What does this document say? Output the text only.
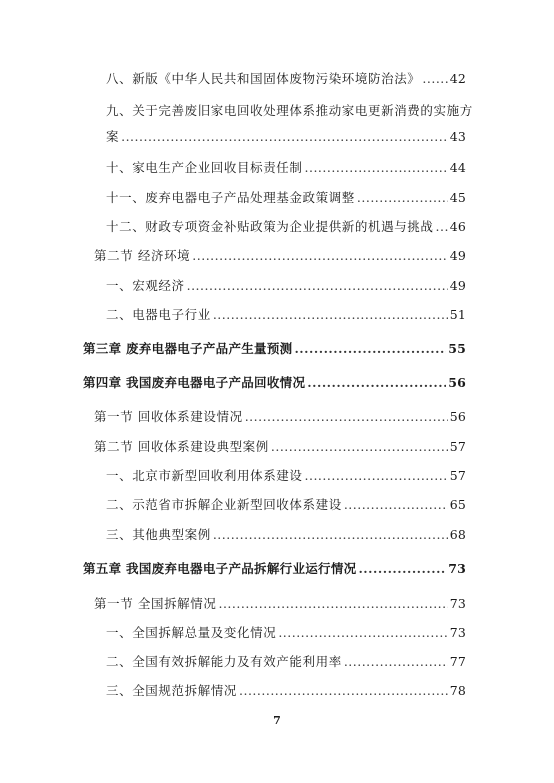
八、新版《中华人民共和国固体废物污染环境防治法》 ..... 42
九、关于完善废旧家电回收处理体系推动家电更新消费的实施方
案 .....	43
十、家电生产企业回收目标责任制 .....	44
十一、废弃电器电子产品处理基金政策调整 .....	45
十二、财政专项资金补贴政策为企业提供新的机遇与挑战 ..... 46
第二节 经济环境 .....	49
一、宏观经济 .....	49
二、电器电子行业 .....	51
第三章 废弃电器电子产品产生量预测 .....	55
第四章 我国废弃电器电子产品回收情况 .....	56
第一节 回收体系建设情况 .....	56
第二节 回收体系建设典型案例 .....	57
一、北京市新型回收利用体系建设 .....	57
二、示范省市拆解企业新型回收体系建设 .....	65
三、其他典型案例 .....	68
第五章 我国废弃电器电子产品拆解行业运行情况 .....	73
第一节 全国拆解情况 .....	73
一、全国拆解总量及变化情况 .....	73
二、全国有效拆解能力及有效产能利用率 .....	77
三、全国规范拆解情况 .....	78
7
